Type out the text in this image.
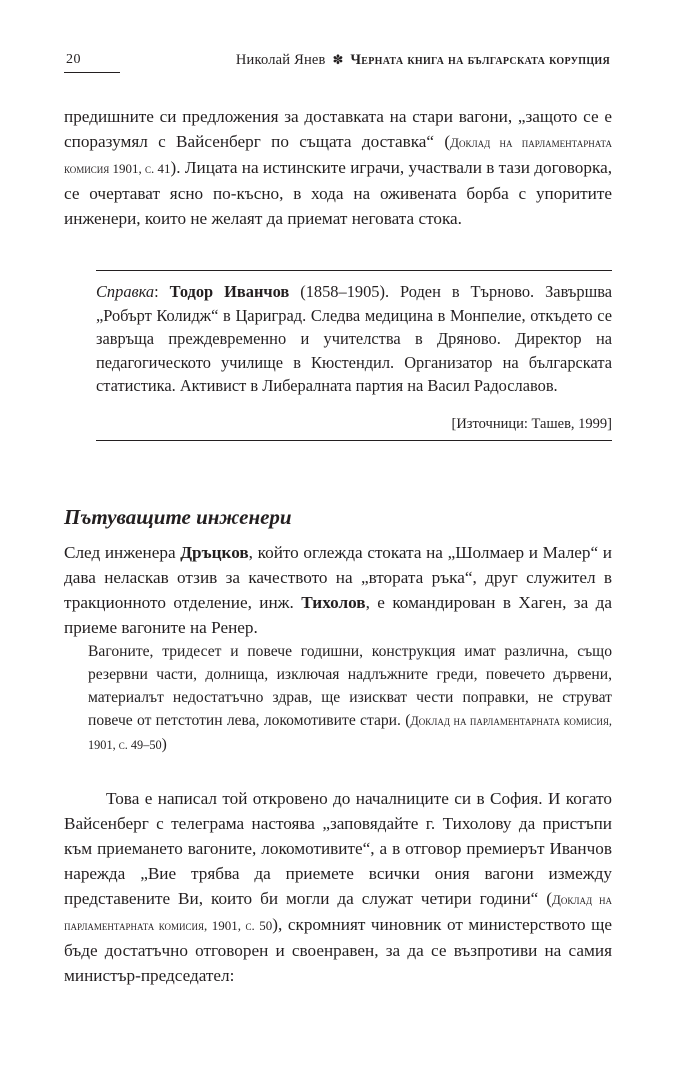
20	Николай Янев ✽ Черната книга на българската корупция
предишните си предложения за доставката на стари вагони, „защото се е споразумял с Вайсенберг по същата доставка“ (Доклад на парламентарната комисия 1901, с. 41). Лицата на истинските играчи, участвали в тази договорка, се очертават ясно по-късно, в хода на оживената борба с упоритите инженери, които не желаят да приемат неговата стока.
Справка: Тодор Иванчов (1858–1905). Роден в Търново. Завършва „Робърт Колидж“ в Цариград. Следва медицина в Монпелие, откъдето се завръща преждевременно и учителства в Дряново. Директор на педагогическото училище в Кюстендил. Организатор на българската статистика. Активист в Либералната партия на Васил Радославов.
[Източници: Ташев, 1999]
Пътуващите инженери
След инженера Дръцков, който оглежда стоката на „Шолмаер и Малер“ и дава неласкав отзив за качеството на „втората ръка“, друг служител в тракционното отделение, инж. Тихолов, е командирован в Хаген, за да приеме вагоните на Ренер.
Вагоните, тридесет и повече годишни, конструкция имат различна, също резервни части, долнища, изключая надлъжните греди, повечето дървени, материалът недостатъчно здрав, ще изискват чести поправки, не струват повече от петстотин лева, локомотивите стари. (Доклад на парламентарната комисия, 1901, с. 49–50)
Това е написал той откровено до началниците си в София. И когато Вайсенберг с телеграма настоява „заповядайте г. Тихолову да пристъпи към приемането вагоните, локомотивите“, а в отговор премиерът Иванчов нарежда „Вие трябва да приемете всички ония вагони измежду представените Ви, които би могли да служат четири години“ (Доклад на парламентарната комисия, 1901, с. 50), скромният чиновник от министерството ще бъде достатъчно отговорен и своенравен, за да се възпротиви на самия министър-председател:
